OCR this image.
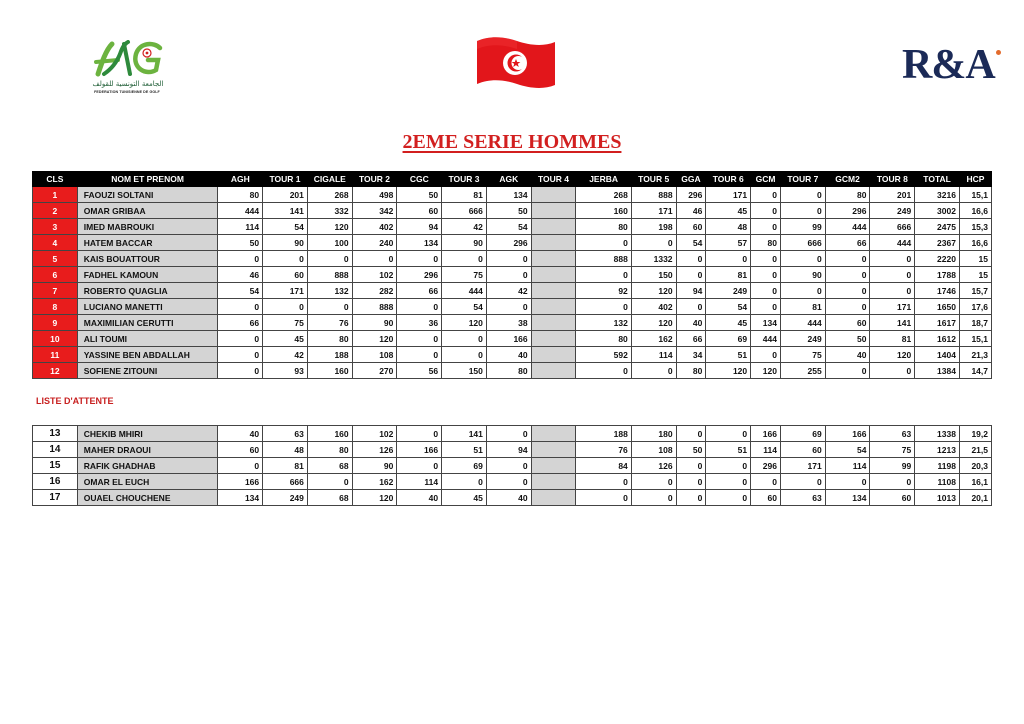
الجامعة التونسية للقولف
FEDERATION TUNISIENNE DE GOLF
R&A
2EME SERIE HOMMES
CLS	NOM ET PRENOM	AGH	TOUR 1	CIGALE	TOUR 2	CGC	TOUR 3	AGK	TOUR 4	JERBA	TOUR 5	GGA	TOUR 6	GCM	TOUR 7	GCM2	TOUR 8	TOTAL	HCP
1	FAOUZI SOLTANI	80	201	268	498	50	81	134		268	888	296	171	0	0	80	201	3216	15,1
2	OMAR GRIBAA	444	141	332	342	60	666	50		160	171	46	45	0	0	296	249	3002	16,6
3	IMED MABROUKI	114	54	120	402	94	42	54		80	198	60	48	0	99	444	666	2475	15,3
4	HATEM BACCAR	50	90	100	240	134	90	296		0	0	54	57	80	666	66	444	2367	16,6
5	KAIS BOUATTOUR	0	0	0	0	0	0	0		888	1332	0	0	0	0	0	0	2220	15
6	FADHEL KAMOUN	46	60	888	102	296	75	0		0	150	0	81	0	90	0	0	1788	15
7	ROBERTO QUAGLIA	54	171	132	282	66	444	42		92	120	94	249	0	0	0	0	1746	15,7
8	LUCIANO MANETTI	0	0	0	888	0	54	0		0	402	0	54	0	81	0	171	1650	17,6
9	MAXIMILIAN CERUTTI	66	75	76	90	36	120	38		132	120	40	45	134	444	60	141	1617	18,7
10	ALI TOUMI	0	45	80	120	0	0	166		80	162	66	69	444	249	50	81	1612	15,1
11	YASSINE BEN ABDALLAH	0	42	188	108	0	0	40		592	114	34	51	0	75	40	120	1404	21,3
12	SOFIENE ZITOUNI	0	93	160	270	56	150	80		0	0	80	120	120	255	0	0	1384	14,7
LISTE D'ATTENTE
13	CHEKIB MHIRI	40	63	160	102	0	141	0		188	180	0	0	166	69	166	63	1338	19,2
14	MAHER DRAOUI	60	48	80	126	166	51	94		76	108	50	51	114	60	54	75	1213	21,5
15	RAFIK GHADHAB	0	81	68	90	0	69	0		84	126	0	0	296	171	114	99	1198	20,3
16	OMAR EL EUCH	166	666	0	162	114	0	0		0	0	0	0	0	0	0	0	1108	16,1
17	OUAEL CHOUCHENE	134	249	68	120	40	45	40		0	0	0	0	60	63	134	60	1013	20,1
